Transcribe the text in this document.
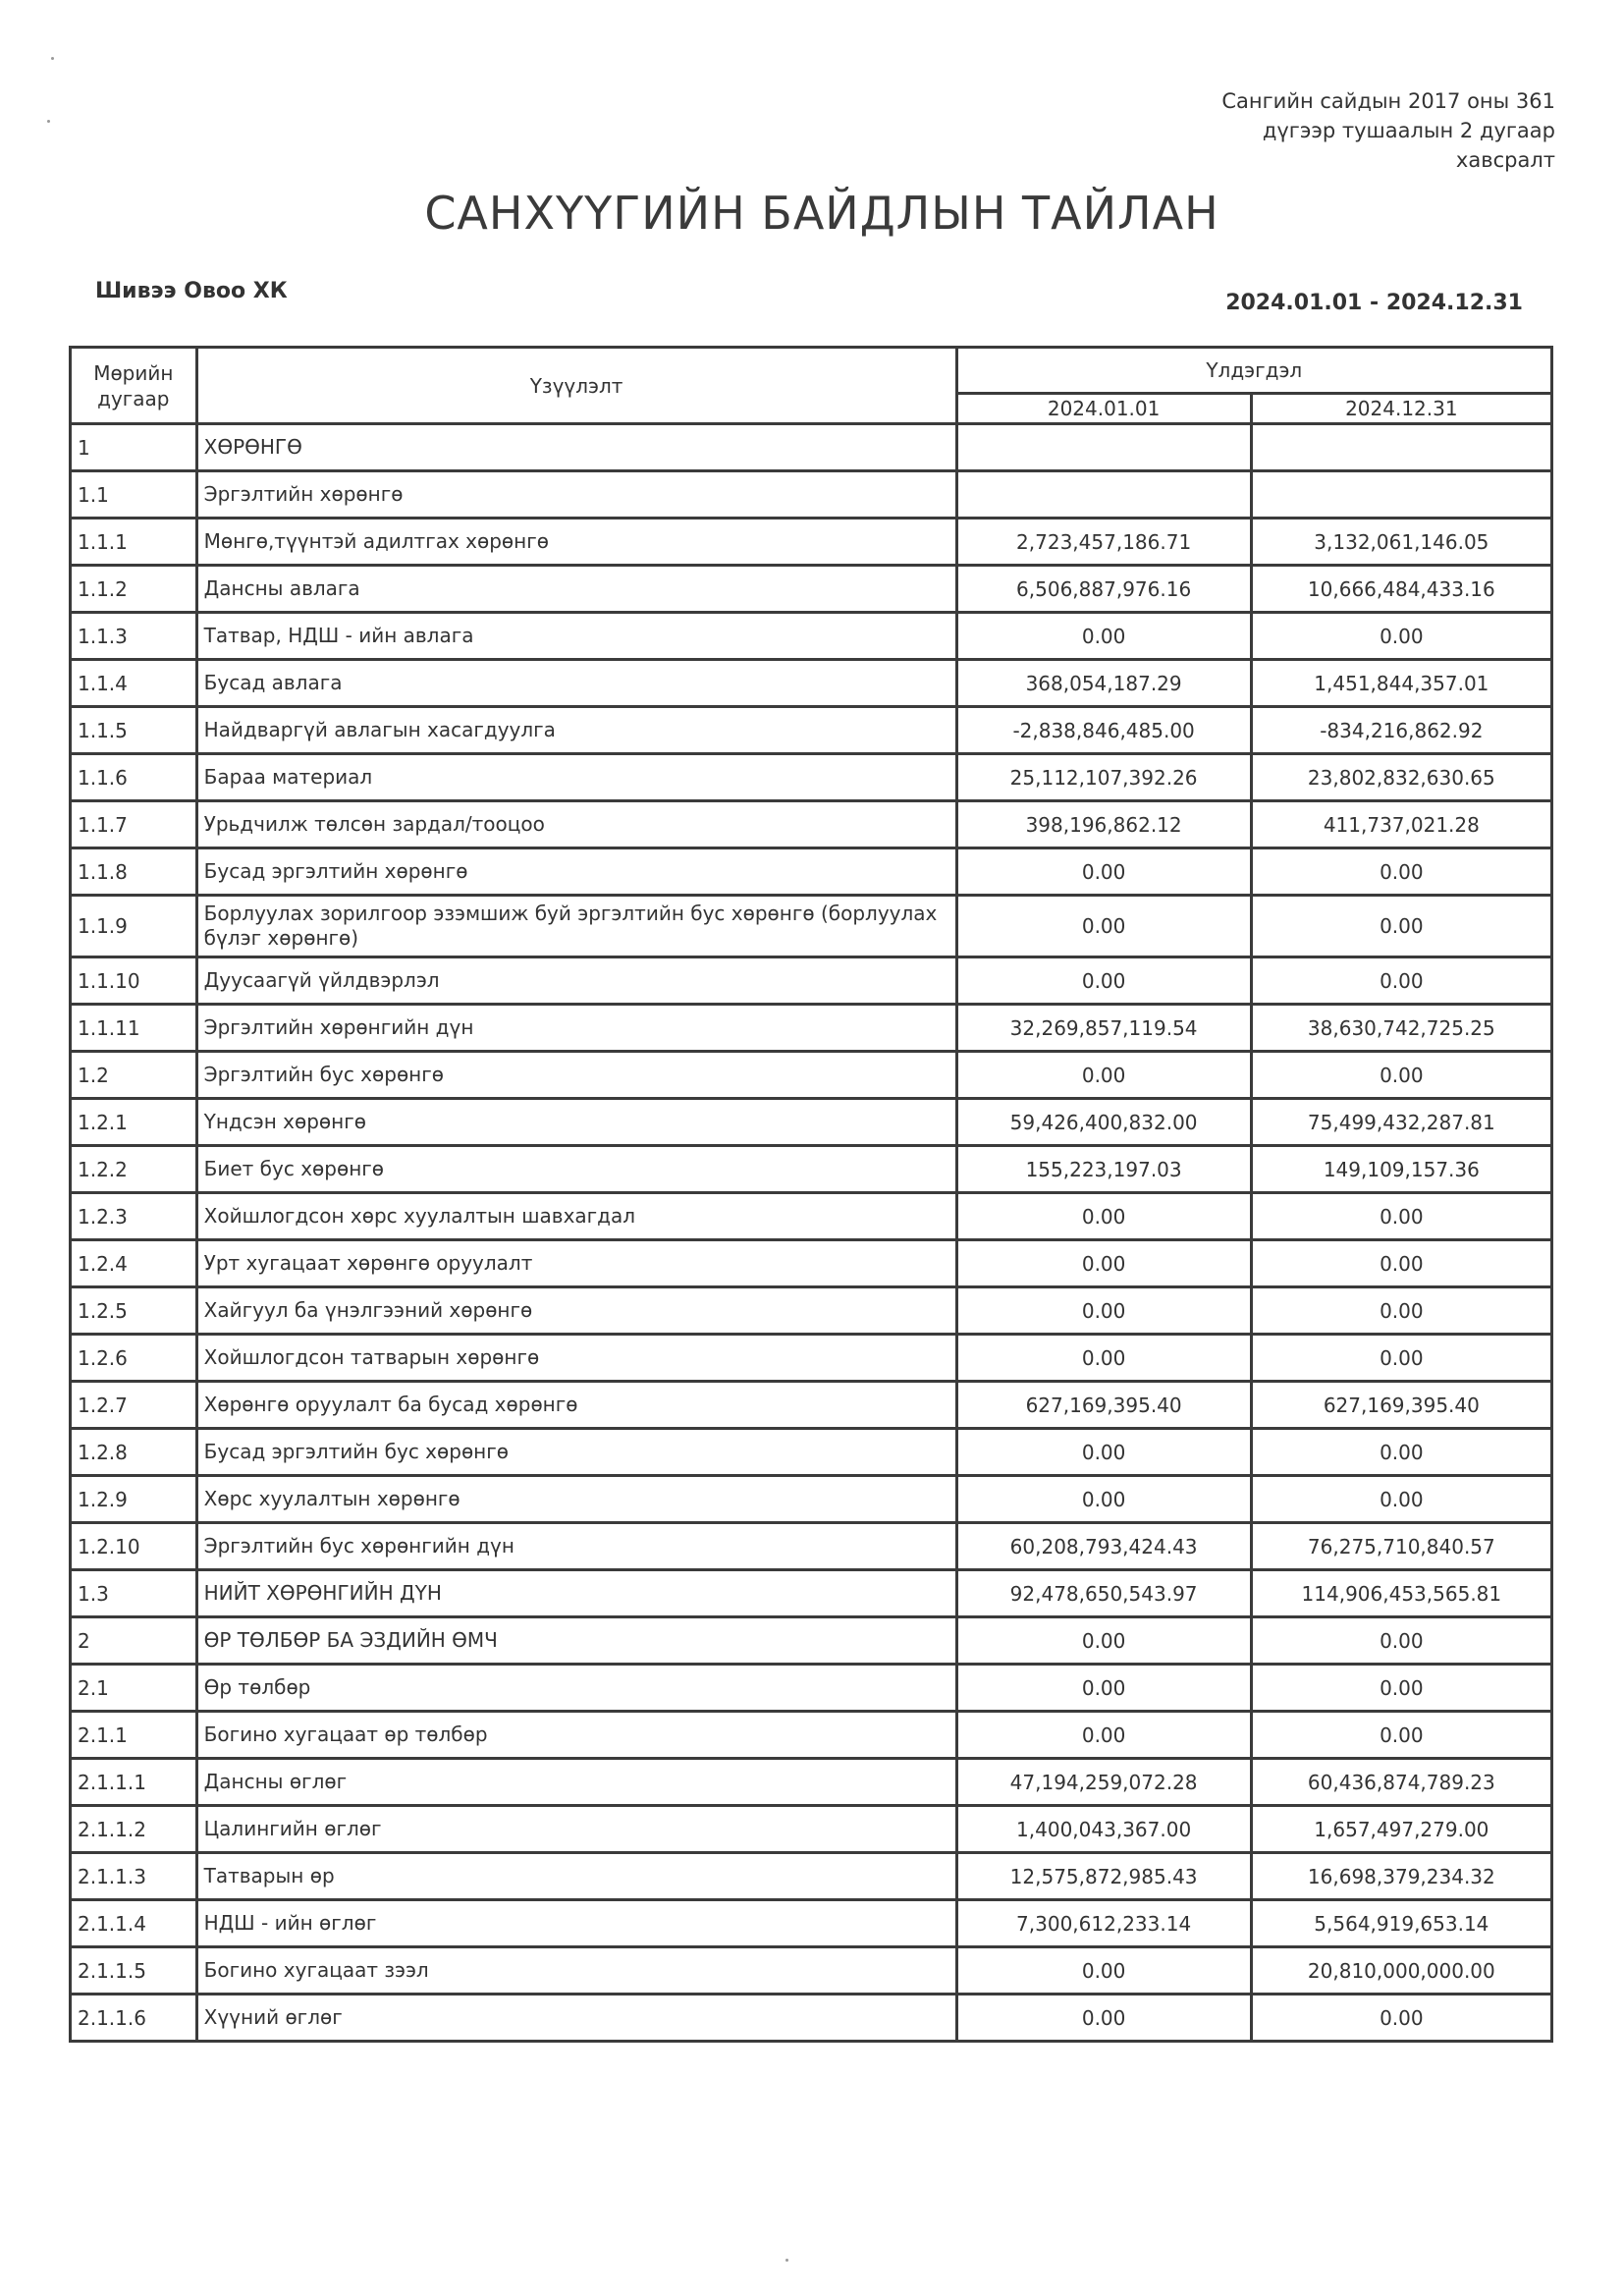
Сангийн сайдын 2017 оны 361
дүгээр тушаалын 2 дугаар
хавсралт
САНХҮҮГИЙН БАЙДЛЫН ТАЙЛАН
Шивээ Овоо ХК	2024.01.01 - 2024.12.31
Мөрийн дугаар	Үзүүлэлт	Үлдэгдэл	
		2024.01.01	2024.12.31
1	ХӨРӨНГӨ		
1.1	Эргэлтийн хөрөнгө		
1.1.1	Мөнгө,түүнтэй адилтгах хөрөнгө	2,723,457,186.71	3,132,061,146.05
1.1.2	Дансны авлага	6,506,887,976.16	10,666,484,433.16
1.1.3	Татвар, НДШ - ийн авлага	0.00	0.00
1.1.4	Бусад авлага	368,054,187.29	1,451,844,357.01
1.1.5	Найдваргүй авлагын хасагдуулга	-2,838,846,485.00	-834,216,862.92
1.1.6	Бараа материал	25,112,107,392.26	23,802,832,630.65
1.1.7	Урьдчилж төлсөн зардал/тооцоо	398,196,862.12	411,737,021.28
1.1.8	Бусад эргэлтийн хөрөнгө	0.00	0.00
1.1.9	Борлуулах зорилгоор эзэмшиж буй эргэлтийн бус хөрөнгө (борлуулах бүлэг хөрөнгө)	0.00	0.00
1.1.10	Дуусаагүй үйлдвэрлэл	0.00	0.00
1.1.11	Эргэлтийн хөрөнгийн дүн	32,269,857,119.54	38,630,742,725.25
1.2	Эргэлтийн бус хөрөнгө	0.00	0.00
1.2.1	Үндсэн хөрөнгө	59,426,400,832.00	75,499,432,287.81
1.2.2	Биет бус хөрөнгө	155,223,197.03	149,109,157.36
1.2.3	Хойшлогдсон хөрс хуулалтын шавхагдал	0.00	0.00
1.2.4	Урт хугацаат хөрөнгө оруулалт	0.00	0.00
1.2.5	Хайгуул ба үнэлгээний хөрөнгө	0.00	0.00
1.2.6	Хойшлогдсон татварын хөрөнгө	0.00	0.00
1.2.7	Хөрөнгө оруулалт ба бусад хөрөнгө	627,169,395.40	627,169,395.40
1.2.8	Бусад эргэлтийн бус хөрөнгө	0.00	0.00
1.2.9	Хөрс хуулалтын хөрөнгө	0.00	0.00
1.2.10	Эргэлтийн бус хөрөнгийн дүн	60,208,793,424.43	76,275,710,840.57
1.3	НИЙТ ХӨРӨНГИЙН ДҮН	92,478,650,543.97	114,906,453,565.81
2	ӨР ТӨЛБӨР БА ЭЗДИЙН ӨМЧ	0.00	0.00
2.1	Өр төлбөр	0.00	0.00
2.1.1	Богино хугацаат өр төлбөр	0.00	0.00
2.1.1.1	Дансны өглөг	47,194,259,072.28	60,436,874,789.23
2.1.1.2	Цалингийн өглөг	1,400,043,367.00	1,657,497,279.00
2.1.1.3	Татварын өр	12,575,872,985.43	16,698,379,234.32
2.1.1.4	НДШ - ийн өглөг	7,300,612,233.14	5,564,919,653.14
2.1.1.5	Богино хугацаат зээл	0.00	20,810,000,000.00
2.1.1.6	Хүүний өглөг	0.00	0.00
